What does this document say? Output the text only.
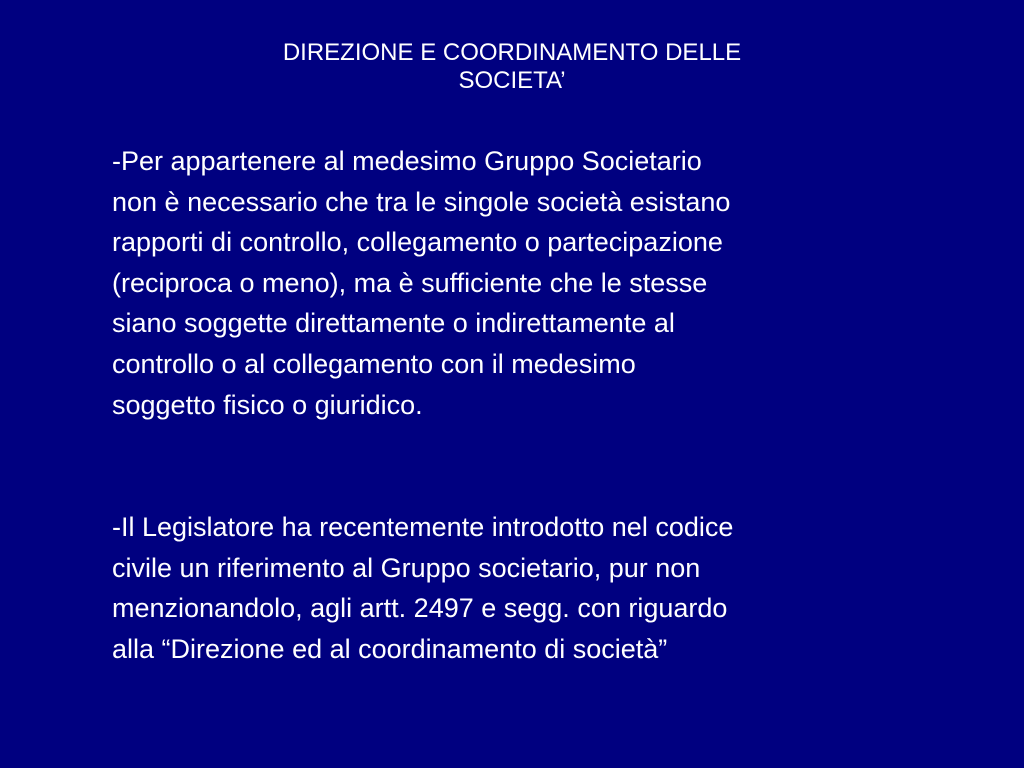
DIREZIONE E COORDINAMENTO DELLE
SOCIETA’
-Per appartenere al medesimo Gruppo Societario
non è necessario che tra le singole società esistano
rapporti di controllo, collegamento o partecipazione
(reciproca o meno), ma è sufficiente che le stesse
siano soggette direttamente o indirettamente al
controllo o al collegamento con il medesimo
soggetto fisico o giuridico.
-Il Legislatore ha recentemente introdotto nel codice
civile un riferimento al Gruppo societario, pur non
menzionandolo, agli artt. 2497 e segg. con riguardo
alla “Direzione ed al coordinamento di società”
